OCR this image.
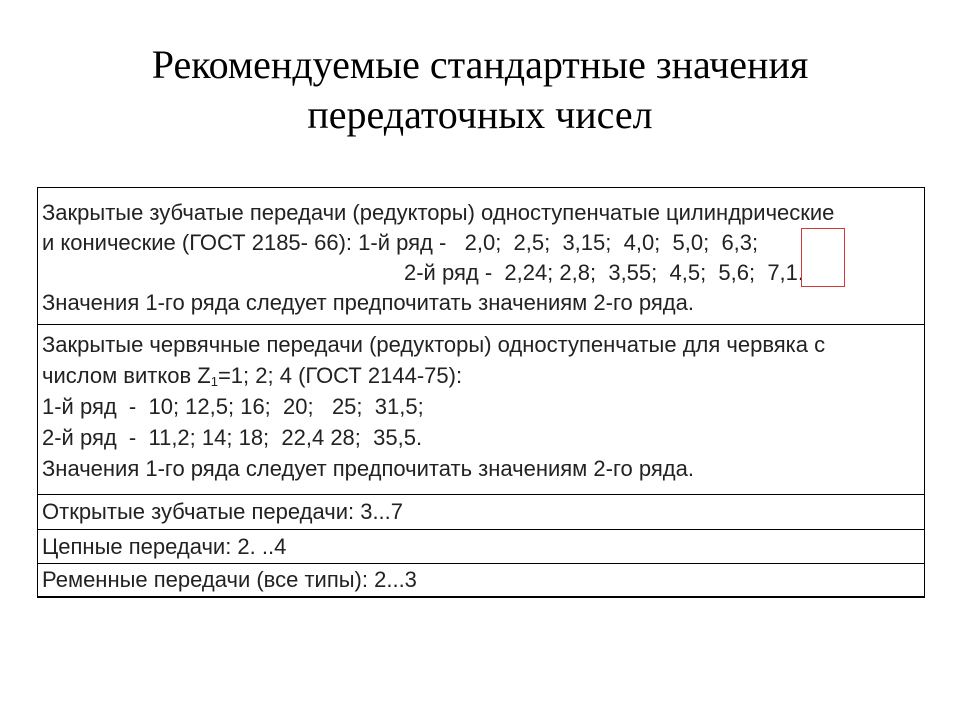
Рекомендуемые стандартные значения
передаточных чисел
Закрытые зубчатые передачи (редукторы) одноступенчатые цилиндрические
и конические (ГОСТ 2185- 66): 1-й ряд -   2,0;  2,5;  3,15;  4,0;  5,0;  6,3;
2-й ряд -  2,24; 2,8;  3,55;  4,5;  5,6;  7,1.
Значения 1-го ряда следует предпочитать значениям 2-го ряда.
Закрытые червячные передачи (редукторы) одноступенчатые для червяка с
числом витков $Z_1=1$; 2; 4 (ГОСТ 2144-75):
1-й ряд  -  10; 12,5; 16;  20;   25;  31,5;
2-й ряд  -  11,2; 14; 18;  22,4 28;  35,5.
Значения 1-го ряда следует предпочитать значениям 2-го ряда.
Открытые зубчатые передачи: 3...7
Цепные передачи: 2. ..4
Ременные передачи (все типы): 2...3
